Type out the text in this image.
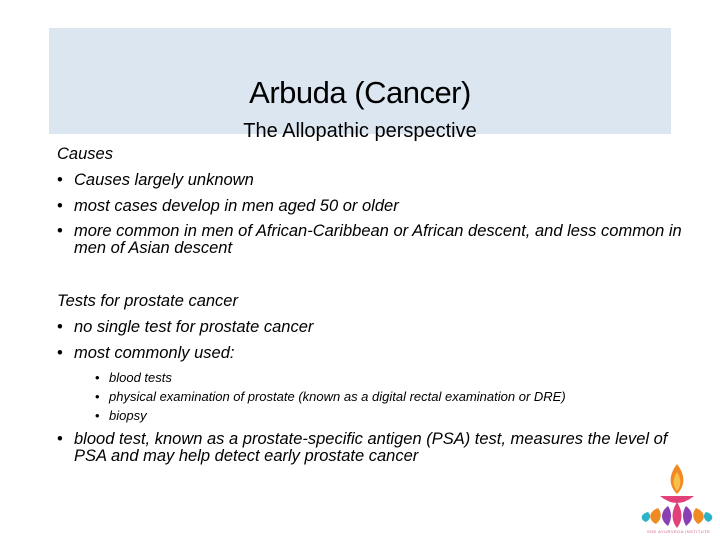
Arbuda (Cancer)
The Allopathic perspective

Causes

• Causes largely unknown
• most cases develop in men aged 50 or older
• more common in men of African-Caribbean or African descent, and less common in men of Asian descent

Tests for prostate cancer

• no single test for prostate cancer
• most commonly used:
• blood tests
• physical examination of prostate (known as a digital rectal examination or DRE)
• biopsy
• blood test, known as a prostate-specific antigen (PSA) test, measures the level of PSA and may help detect early prostate cancer
SHE AYURVEDA INSTITUTE
